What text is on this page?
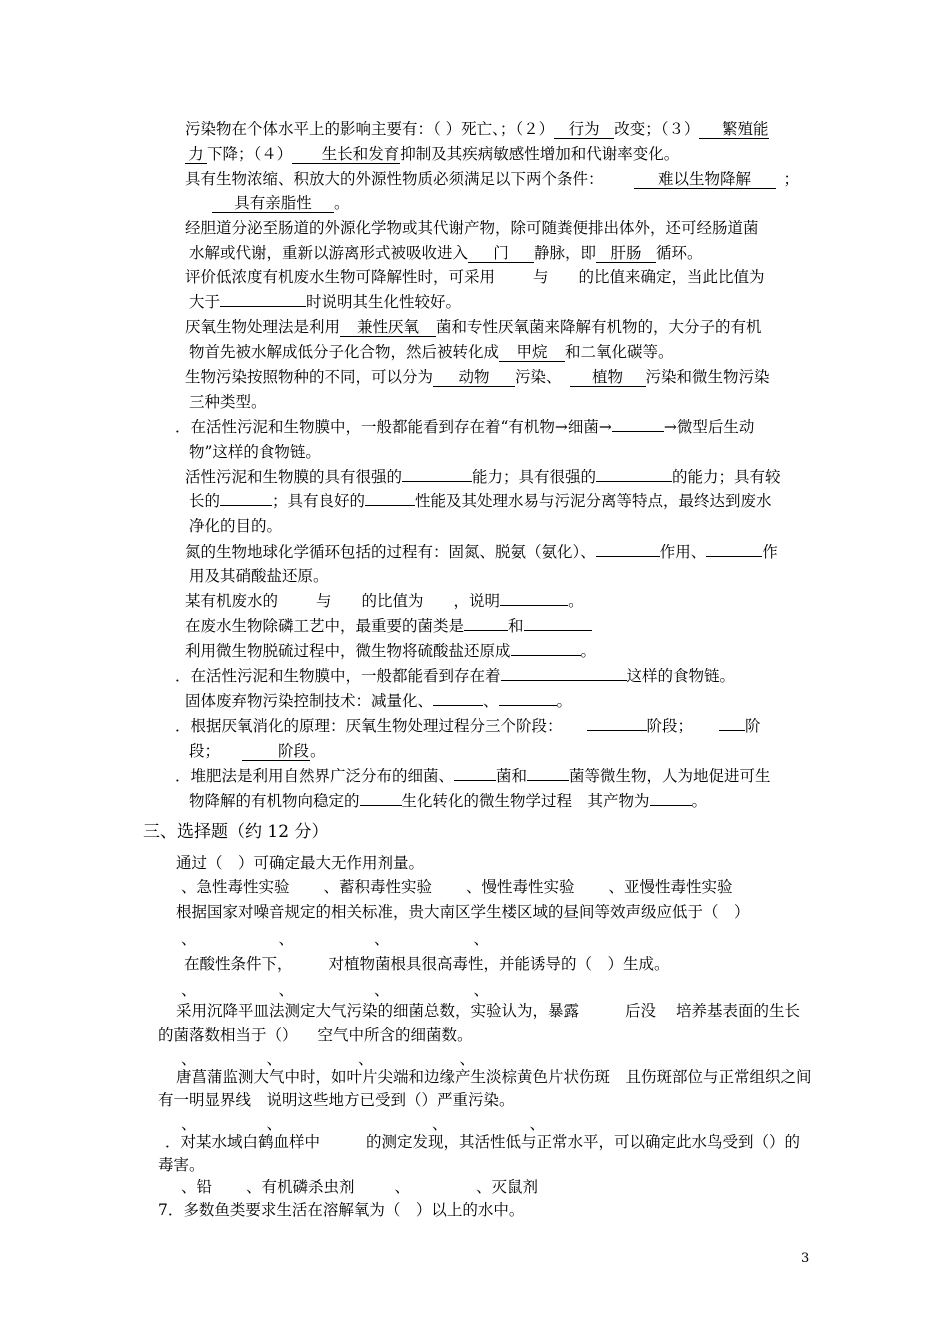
污染物在个体水平上的影响主要有：（ ）死亡、；（２） 行为 改变；（３） 繁殖能
力 下降；（４） 生长和发育抑制及其疾病敏感性增加和代谢率变化。
具有生物浓缩、积放大的外源性物质必须满足以下两个条件：	难以生物降解 ；
具有亲脂性 。
经胆道分泌至肠道的外源化学物或其代谢产物，除可随粪便排出体外，还可经肠道菌
水解或代谢，重新以游离形式被吸收进入 门 静脉，即 肝肠 循环。
评价低浓度有机废水生物可降解性时，可采用 与 的比值来确定，当此比值为
大于	时说明其生化性较好。
厌氧生物处理法是利用 兼性厌氧 菌和专性厌氧菌来降解有机物的，大分子的有机
物首先被水解成低分子化合物，然后被转化成 甲烷 和二氧化碳等。
生物污染按照物种的不同，可以分为 动物 污染、 植物 污染和微生物污染
三种类型。
．在活性污泥和生物膜中，一般都能看到存在着“有机物→细菌→	→微型后生动
物”这样的食物链。
活性污泥和生物膜的具有很强的	能力；具有很强的	的能力；具有较
长的	；具有良好的	性能及其处理水易与污泥分离等特点，最终达到废水
净化的目的。
氮的生物地球化学循环包括的过程有：固氮、脱氨（氨化）、	作用、	作
用及其硝酸盐还原。
某有机废水的 与 的比值为 ，说明	。
在废水生物除磷工艺中，最重要的菌类是	和
利用微生物脱硫过程中，微生物将硫酸盐还原成	。
．在活性污泥和生物膜中，一般都能看到存在着	这样的食物链。
固体废弃物污染控制技术：减量化、	、	。
．根据厌氧消化的原理：厌氧生物处理过程分三个阶段：	阶段；	阶
段；	阶段。
．堆肥法是利用自然界广泛分布的细菌、	菌和	菌等微生物，人为地促进可生
物降解的有机物向稳定的	生化转化的微生物学过程　其产物为	。
三、选择题（约 12 分）
通过（　）可确定最大无作用剂量。
、急性毒性实验 、蓄积毒性实验 、慢性毒性实验 、亚慢性毒性实验
根据国家对噪音规定的相关标准，贵大南区学生楼区域的昼间等效声级应低于（　）
、	、	、	、
在酸性条件下， 对植物菌根具很高毒性，并能诱导的（　）生成。
、	、	、	、
采用沉降平皿法测定大气污染的细菌总数，实验认为，暴露	后没 培养基表面的生长
的菌落数相当于（） 空气中所含的细菌数。
、	、	、	、
唐菖蒲监测大气中时，如叶片尖端和边缘产生淡棕黄色片状伤斑　且伤斑部位与正常组织之间
有一明显界线　说明这些地方已受到（）严重污染。
、	、	、	、
．对某水域白鹤血样中	的测定发现，其活性低与正常水平，可以确定此水鸟受到（）的
毒害。
、铅 、有机磷杀虫剂	、	、灭鼠剂
7．多数鱼类要求生活在溶解氧为（　）以上的水中。
3
